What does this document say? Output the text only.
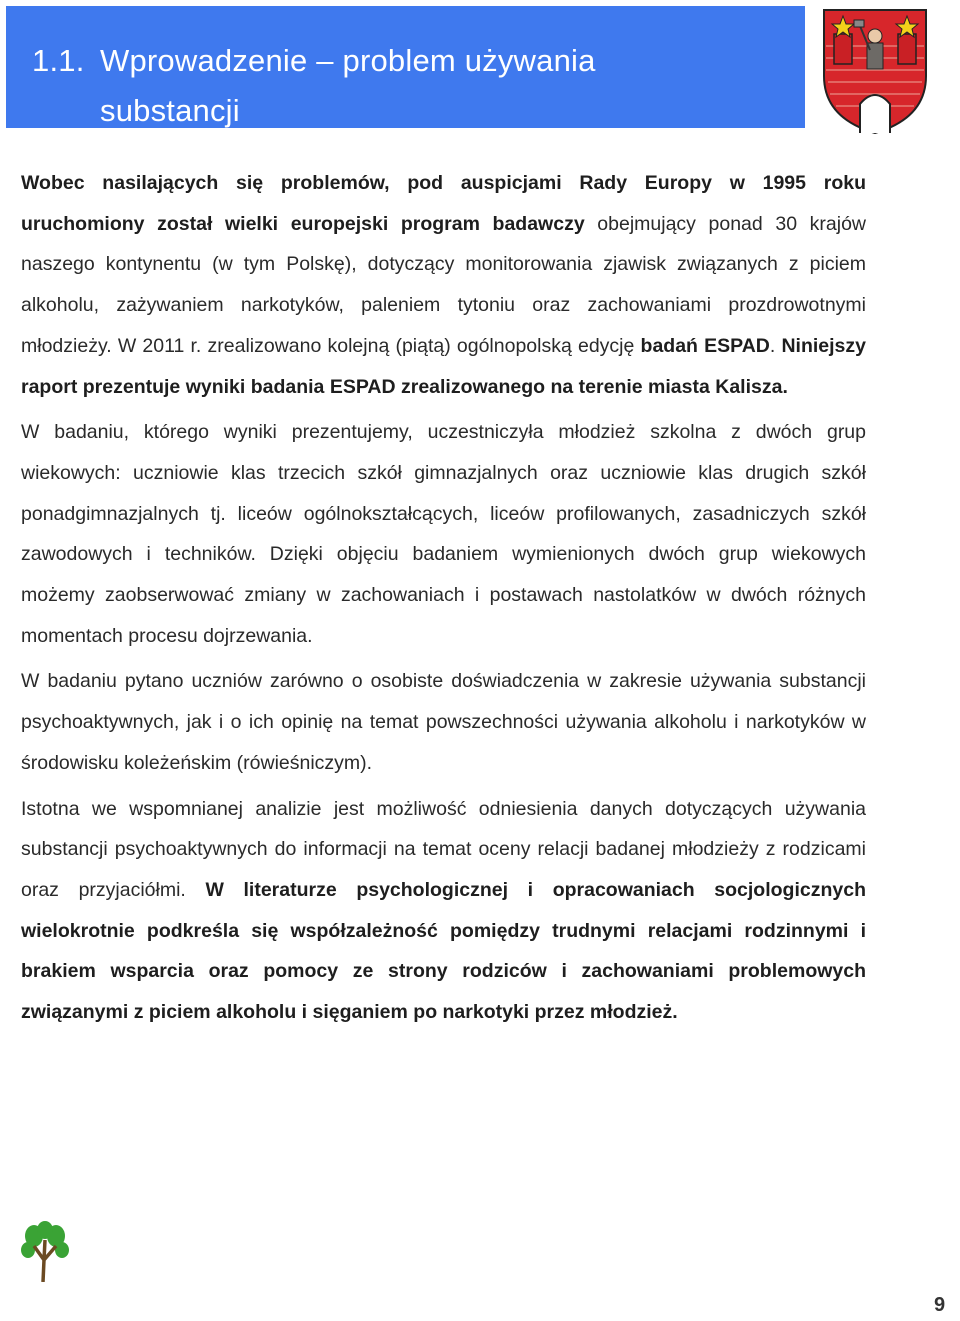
1.1. Wprowadzenie – problem używania
substancji

Wobec nasilających się problemów, pod auspicjami Rady Europy w 1995 roku uruchomiony został wielki europejski program badawczy obejmujący ponad 30 krajów naszego kontynentu (w tym Polskę), dotyczący monitorowania zjawisk związanych z piciem alkoholu, zażywaniem narkotyków, paleniem tytoniu oraz zachowaniami prozdrowotnymi młodzieży. W 2011 r. zrealizowano kolejną (piątą) ogólnopolską edycję badań ESPAD. Niniejszy raport prezentuje wyniki badania ESPAD zrealizowanego na terenie miasta Kalisza.

W badaniu, którego wyniki prezentujemy, uczestniczyła młodzież szkolna z dwóch grup wiekowych: uczniowie klas trzecich szkół gimnazjalnych oraz uczniowie klas drugich szkół ponadgimnazjalnych tj. liceów ogólnokształcących, liceów profilowanych, zasadniczych szkół zawodowych i techników. Dzięki objęciu badaniem wymienionych dwóch grup wiekowych możemy zaobserwować zmiany w zachowaniach i postawach nastolatków w dwóch różnych momentach procesu dojrzewania.

W badaniu pytano uczniów zarówno o osobiste doświadczenia w zakresie używania substancji psychoaktywnych, jak i o ich opinię na temat powszechności używania alkoholu i narkotyków w środowisku koleżeńskim (rówieśniczym).

Istotna we wspomnianej analizie jest możliwość odniesienia danych dotyczących używania substancji psychoaktywnych do informacji na temat oceny relacji badanej młodzieży z rodzicami oraz przyjaciółmi. W literaturze psychologicznej i opracowaniach socjologicznych wielokrotnie podkreśla się współzależność pomiędzy trudnymi relacjami rodzinnymi i brakiem wsparcia oraz pomocy ze strony rodziców i zachowaniami problemowych związanymi z piciem alkoholu i sięganiem po narkotyki przez młodzież.

9
